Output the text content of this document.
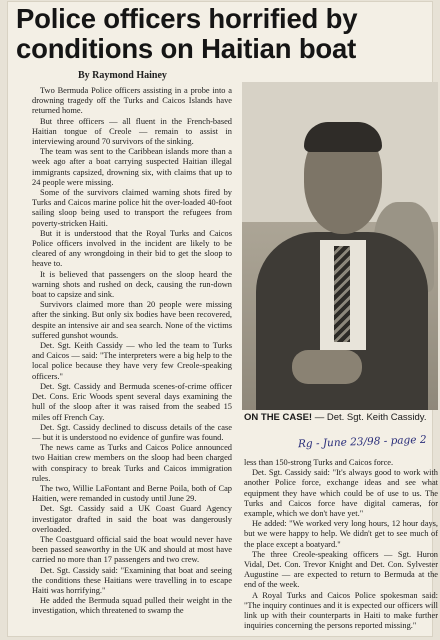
Police officers horrified by conditions on Haitian boat
By Raymond Hainey

Two Bermuda Police officers assisting in a probe into a drowning tragedy off the Turks and Caicos Islands have returned home.

But three officers — all fluent in the French-based Haitian tongue of Creole — remain to assist in interviewing around 70 survivors of the sinking.

The team was sent to the Caribbean islands more than a week ago after a boat carrying suspected Haitian illegal immigrants capsized, drowning six, with claims that up to 24 people were missing.

Some of the survivors claimed warning shots fired by Turks and Caicos marine police hit the over-loaded 40-foot sailing sloop being used to transport the refugees from poverty-stricken Haiti.

But it is understood that the Royal Turks and Caicos Police officers involved in the incident are likely to be cleared of any wrongdoing in their bid to get the sloop to heave to.

It is believed that passengers on the sloop heard the warning shots and rushed on deck, causing the run-down boat to capsize and sink.

Survivors claimed more than 20 people were missing after the sinking. But only six bodies have been recovered, despite an intensive air and sea search. None of the victims suffered gunshot wounds.

Det. Sgt. Keith Cassidy — who led the team to Turks and Caicos — said: "The interpreters were a big help to the local police because they have very few Creole-speaking officers."

Det. Sgt. Cassidy and Bermuda scenes-of-crime officer Det. Cons. Eric Woods spent several days examining the hull of the sloop after it was raised from the seabed 15 miles off French Cay.

Det. Sgt. Cassidy declined to discuss details of the case — but it is understood no evidence of gunfire was found.

The news came as Turks and Caicos Police announced two Haitian crew members on the sloop had been charged with conspiracy to break Turks and Caicos immigration rules.

The two, Willie LaFontant and Berne Poila, both of Cap Haitien, were remanded in custody until June 29.

Det. Sgt. Cassidy said a UK Coast Guard Agency investigator drafted in said the boat was dangerously overloaded.

The Coastguard official said the boat would never have been passed seaworthy in the UK and should at most have carried no more than 17 passengers and two crew.

Det. Sgt. Cassidy said: "Examining that boat and seeing the conditions these Haitians were travelling in to escape Haiti was horrifying."

He added the Bermuda squad pulled their weight in the investigation, which threatened to swamp the

ON THE CASE! — Det. Sgt. Keith Cassidy.
Rg - June 23/98 - page 2

less than 150-strong Turks and Caicos force.

Det. Sgt. Cassidy said: "It's always good to work with another Police force, exchange ideas and see what equipment they have which could be of use to us. The Turks and Caicos force have digital cameras, for example, which we don't have yet."

He added: "We worked very long hours, 12 hour days, but we were happy to help. We didn't get to see much of the place except a boatyard."

The three Creole-speaking officers — Sgt. Huron Vidal, Det. Con. Trevor Knight and Det. Con. Sylvester Augustine — are expected to return to Bermuda at the end of the week.

A Royal Turks and Caicos Police spokesman said: "The inquiry continues and it is expected our officers will link up with their counterparts in Haiti to make further inquiries concerning the persons reported missing."
